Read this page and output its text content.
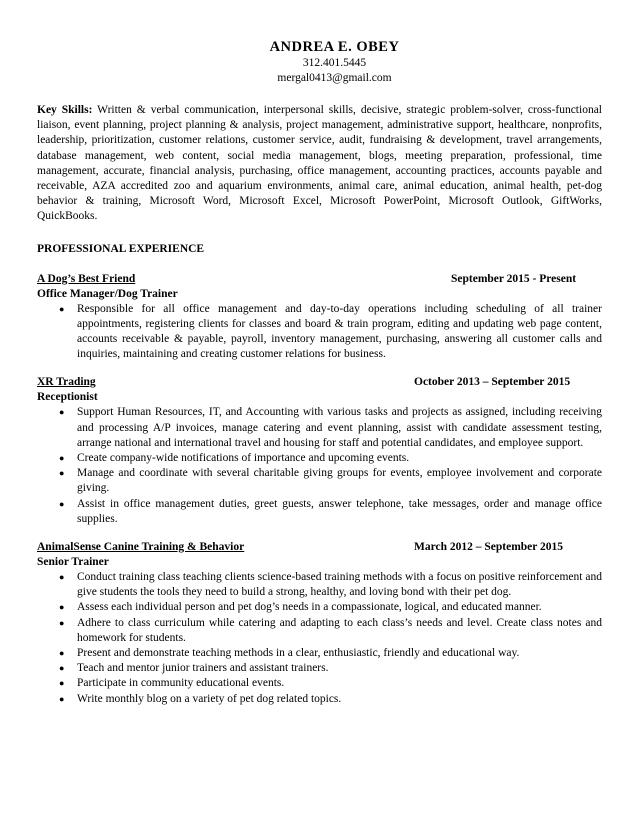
ANDREA E. OBEY
312.401.5445
mergal0413@gmail.com
Key Skills: Written & verbal communication, interpersonal skills, decisive, strategic problem-solver, cross-functional liaison, event planning, project planning & analysis, project management, administrative support, healthcare, nonprofits, leadership, prioritization, customer relations, customer service, audit, fundraising & development, travel arrangements, database management, web content, social media management, blogs, meeting preparation, professional, time management, accurate, financial analysis, purchasing, office management, accounting practices, accounts payable and receivable, AZA accredited zoo and aquarium environments, animal care, animal education, animal health, pet-dog behavior & training, Microsoft Word, Microsoft Excel, Microsoft PowerPoint, Microsoft Outlook, GiftWorks, QuickBooks.
PROFESSIONAL EXPERIENCE
A Dog’s Best Friend	September 2015 - Present
Office Manager/Dog Trainer
● Responsible for all office management and day-to-day operations including scheduling of all trainer appointments, registering clients for classes and board & train program, editing and updating web page content, accounts receivable & payable, payroll, inventory management, purchasing, answering all customer calls and inquiries, maintaining and creating customer relations for business.
XR Trading	October 2013 – September 2015
Receptionist
● Support Human Resources, IT, and Accounting with various tasks and projects as assigned, including receiving and processing A/P invoices, manage catering and event planning, assist with candidate assessment testing, arrange national and international travel and housing for staff and potential candidates, and employee support.
● Create company-wide notifications of importance and upcoming events.
● Manage and coordinate with several charitable giving groups for events, employee involvement and corporate giving.
● Assist in office management duties, greet guests, answer telephone, take messages, order and manage office supplies.
AnimalSense Canine Training & Behavior	March 2012 – September 2015
Senior Trainer
● Conduct training class teaching clients science-based training methods with a focus on positive reinforcement and give students the tools they need to build a strong, healthy, and loving bond with their pet dog.
● Assess each individual person and pet dog’s needs in a compassionate, logical, and educated manner.
● Adhere to class curriculum while catering and adapting to each class’s needs and level. Create class notes and homework for students.
● Present and demonstrate teaching methods in a clear, enthusiastic, friendly and educational way.
● Teach and mentor junior trainers and assistant trainers.
● Participate in community educational events.
● Write monthly blog on a variety of pet dog related topics.
